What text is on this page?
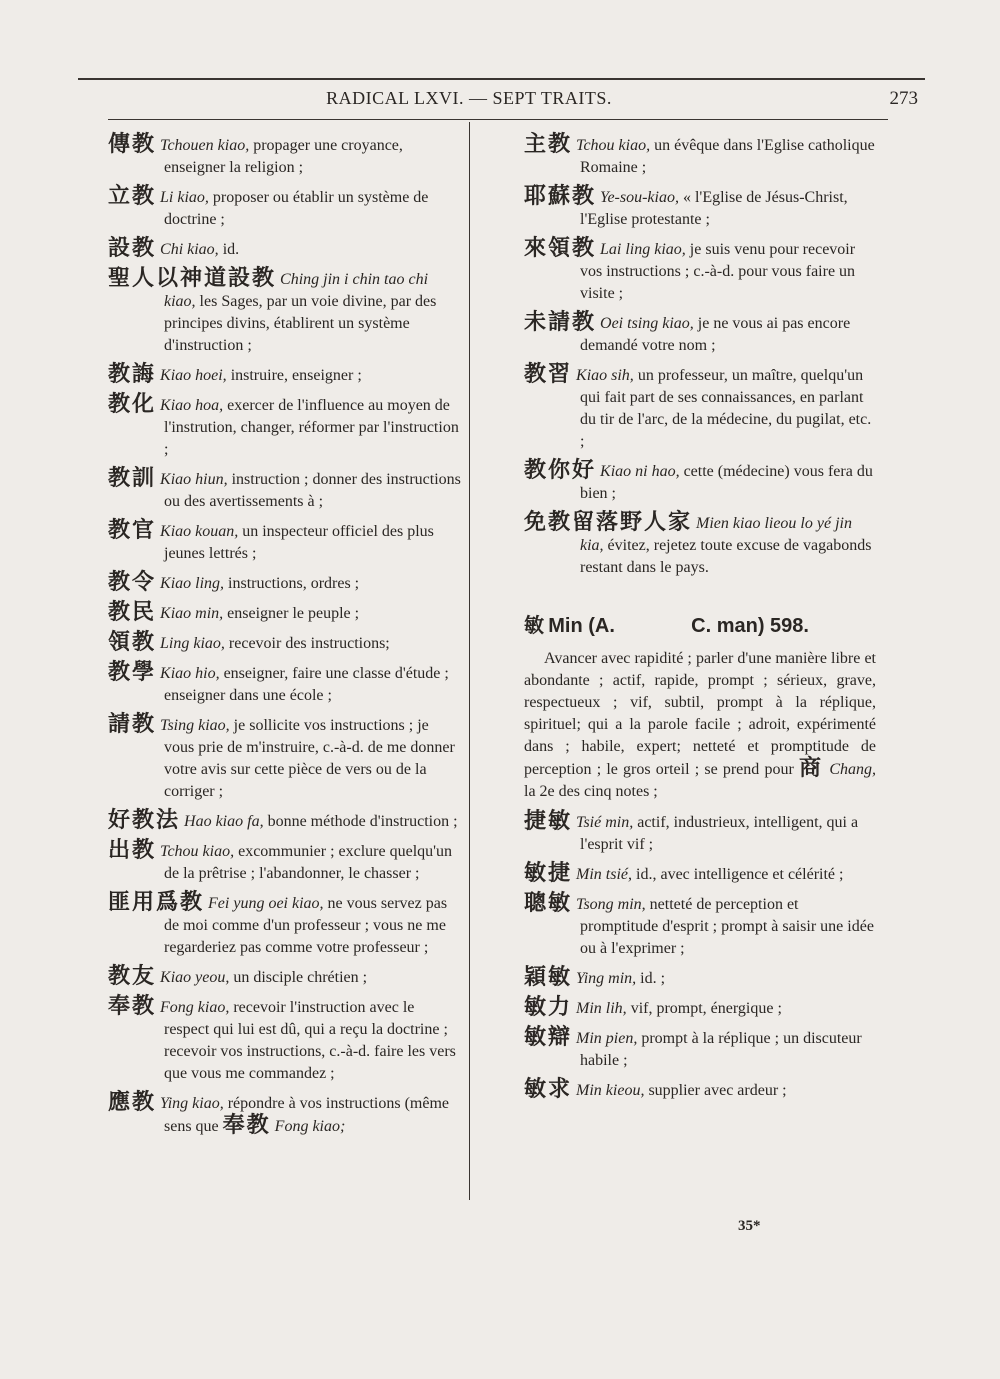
RADICAL LXVI. — SEPT TRAITS.	273
傳教 Tchouen kiao, propager une croyance, enseigner la religion ;
立教 Li kiao, proposer ou établir un système de doctrine ;
設教 Chi kiao, id.
聖人以神道設教 Ching jin i chin tao chi kiao, les Sages, par un voie divine, par des principes divins, établirent un système d'instruction ;
教誨 Kiao hoei, instruire, enseigner ;
教化 Kiao hoa, exercer de l'influence au moyen de l'instrution, changer, réformer par l'instruction ;
教訓 Kiao hiun, instruction ; donner des instructions ou des avertissements à ;
教官 Kiao kouan, un inspecteur officiel des plus jeunes lettrés ;
教令 Kiao ling, instructions, ordres ;
教民 Kiao min, enseigner le peuple ;
領教 Ling kiao, recevoir des instructions;
教學 Kiao hio, enseigner, faire une classe d'étude ; enseigner dans une école ;
請教 Tsing kiao, je sollicite vos instructions ; je vous prie de m'instruire, c.-à-d. de me donner votre avis sur cette pièce de vers ou de la corriger ;
好教法 Hao kiao fa, bonne méthode d'instruction ;
出教 Tchou kiao, excommunier ; exclure quelqu'un de la prêtrise ; l'abandonner, le chasser ;
匪用爲教 Fei yung oei kiao, ne vous servez pas de moi comme d'un professeur ; vous ne me regarderiez pas comme votre professeur ;
教友 Kiao yeou, un disciple chrétien ;
奉教 Fong kiao, recevoir l'instruction avec le respect qui lui est dû, qui a reçu la doctrine ; recevoir vos instructions, c.-à-d. faire les vers que vous me commandez ;
應教 Ying kiao, répondre à vos instructions (même sens que 奉教 Fong kiao;
主教 Tchou kiao, un évêque dans l'Eglise catholique Romaine ;
耶蘇教 Ye-sou-kiao, « l'Eglise de Jésus-Christ, l'Eglise protestante ;
來領教 Lai ling kiao, je suis venu pour recevoir vos instructions ; c.-à-d. pour vous faire un visite ;
未請教 Oei tsing kiao, je ne vous ai pas encore demandé votre nom ;
教習 Kiao sih, un professeur, un maître, quelqu'un qui fait part de ses connaissances, en parlant du tir de l'arc, de la médecine, du pugilat, etc. ;
教你好 Kiao ni hao, cette (médecine) vous fera du bien ;
免教留落野人家 Mien kiao lieou lo yé jin kia, évitez, rejetez toute excuse de vagabonds restant dans le pays.
敏 Min (A.	C. man) 598.
Avancer avec rapidité ; parler d'une manière libre et abondante ; actif, rapide, prompt ; sérieux, grave, respectueux ; vif, subtil, prompt à la réplique, spirituel; qui a la parole facile ; adroit, expérimenté dans ; habile, expert; netteté et promptitude de perception ; le gros orteil ; se prend pour 商 Chang, la 2e des cinq notes ;
捷敏 Tsié min, actif, industrieux, intelligent, qui a l'esprit vif ;
敏捷 Min tsié, id., avec intelligence et célérité ;
聰敏 Tsong min, netteté de perception et promptitude d'esprit ; prompt à saisir une idée ou à l'exprimer ;
穎敏 Ying min, id. ;
敏力 Min lih, vif, prompt, énergique ;
敏辯 Min pien, prompt à la réplique ; un discuteur habile ;
敏求 Min kieou, supplier avec ardeur ;
35*
